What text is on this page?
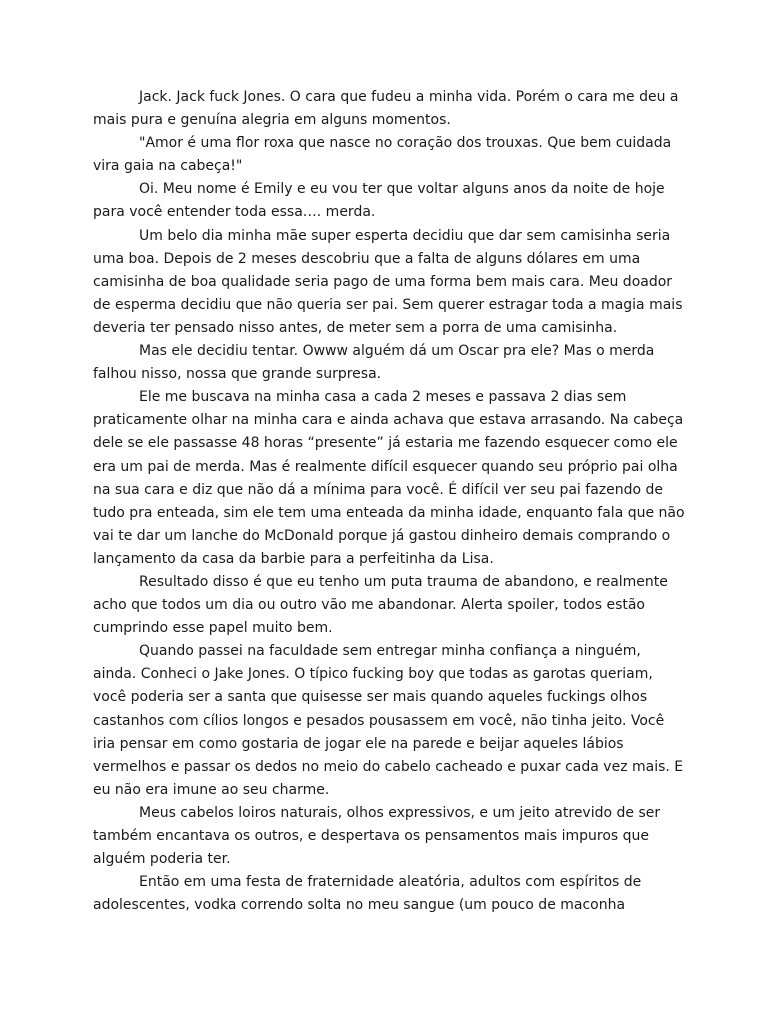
Jack. Jack fuck Jones. O cara que fudeu a minha vida. Porém o cara me deu a mais pura e genuína alegria em alguns momentos.

"Amor é uma flor roxa que nasce no coração dos trouxas. Que bem cuidada vira gaia na cabeça!"

Oi. Meu nome é Emily e eu vou ter que voltar alguns anos da noite de hoje para você entender toda essa…. merda.

Um belo dia minha mãe super esperta decidiu que dar sem camisinha seria uma boa. Depois de 2 meses descobriu que a falta de alguns dólares em uma camisinha de boa qualidade seria pago de uma forma bem mais cara. Meu doador de esperma decidiu que não queria ser pai. Sem querer estragar toda a magia mais deveria ter pensado nisso antes, de meter sem a porra de uma camisinha.

Mas ele decidiu tentar. Owww alguém dá um Oscar pra ele? Mas o merda falhou nisso, nossa que grande surpresa.

Ele me buscava na minha casa a cada 2 meses e passava 2 dias sem praticamente olhar na minha cara e ainda achava que estava arrasando. Na cabeça dele se ele passasse 48 horas “presente” já estaria me fazendo esquecer como ele era um pai de merda. Mas é realmente difícil esquecer quando seu próprio pai olha na sua cara e diz que não dá a mínima para você. É difícil ver seu pai fazendo de tudo pra enteada, sim ele tem uma enteada da minha idade, enquanto fala que não vai te dar um lanche do McDonald porque já gastou dinheiro demais comprando o lançamento da casa da barbie para a perfeitinha da Lisa.

Resultado disso é que eu tenho um puta trauma de abandono, e realmente acho que todos um dia ou outro vão me abandonar. Alerta spoiler, todos estão cumprindo esse papel muito bem.

Quando passei na faculdade sem entregar minha confiança a ninguém, ainda. Conheci o Jake Jones. O típico fucking boy que todas as garotas queriam, você poderia ser a santa que quisesse ser mais quando aqueles fuckings olhos castanhos com cílios longos e pesados pousassem em você, não tinha jeito. Você iria pensar em como gostaria de jogar ele na parede e beijar aqueles lábios vermelhos e passar os dedos no meio do cabelo cacheado e puxar cada vez mais. E eu não era imune ao seu charme.

Meus cabelos loiros naturais, olhos expressivos, e um jeito atrevido de ser também encantava os outros, e despertava os pensamentos mais impuros que alguém poderia ter.

Então em uma festa de fraternidade aleatória, adultos com espíritos de adolescentes, vodka correndo solta no meu sangue (um pouco de maconha
